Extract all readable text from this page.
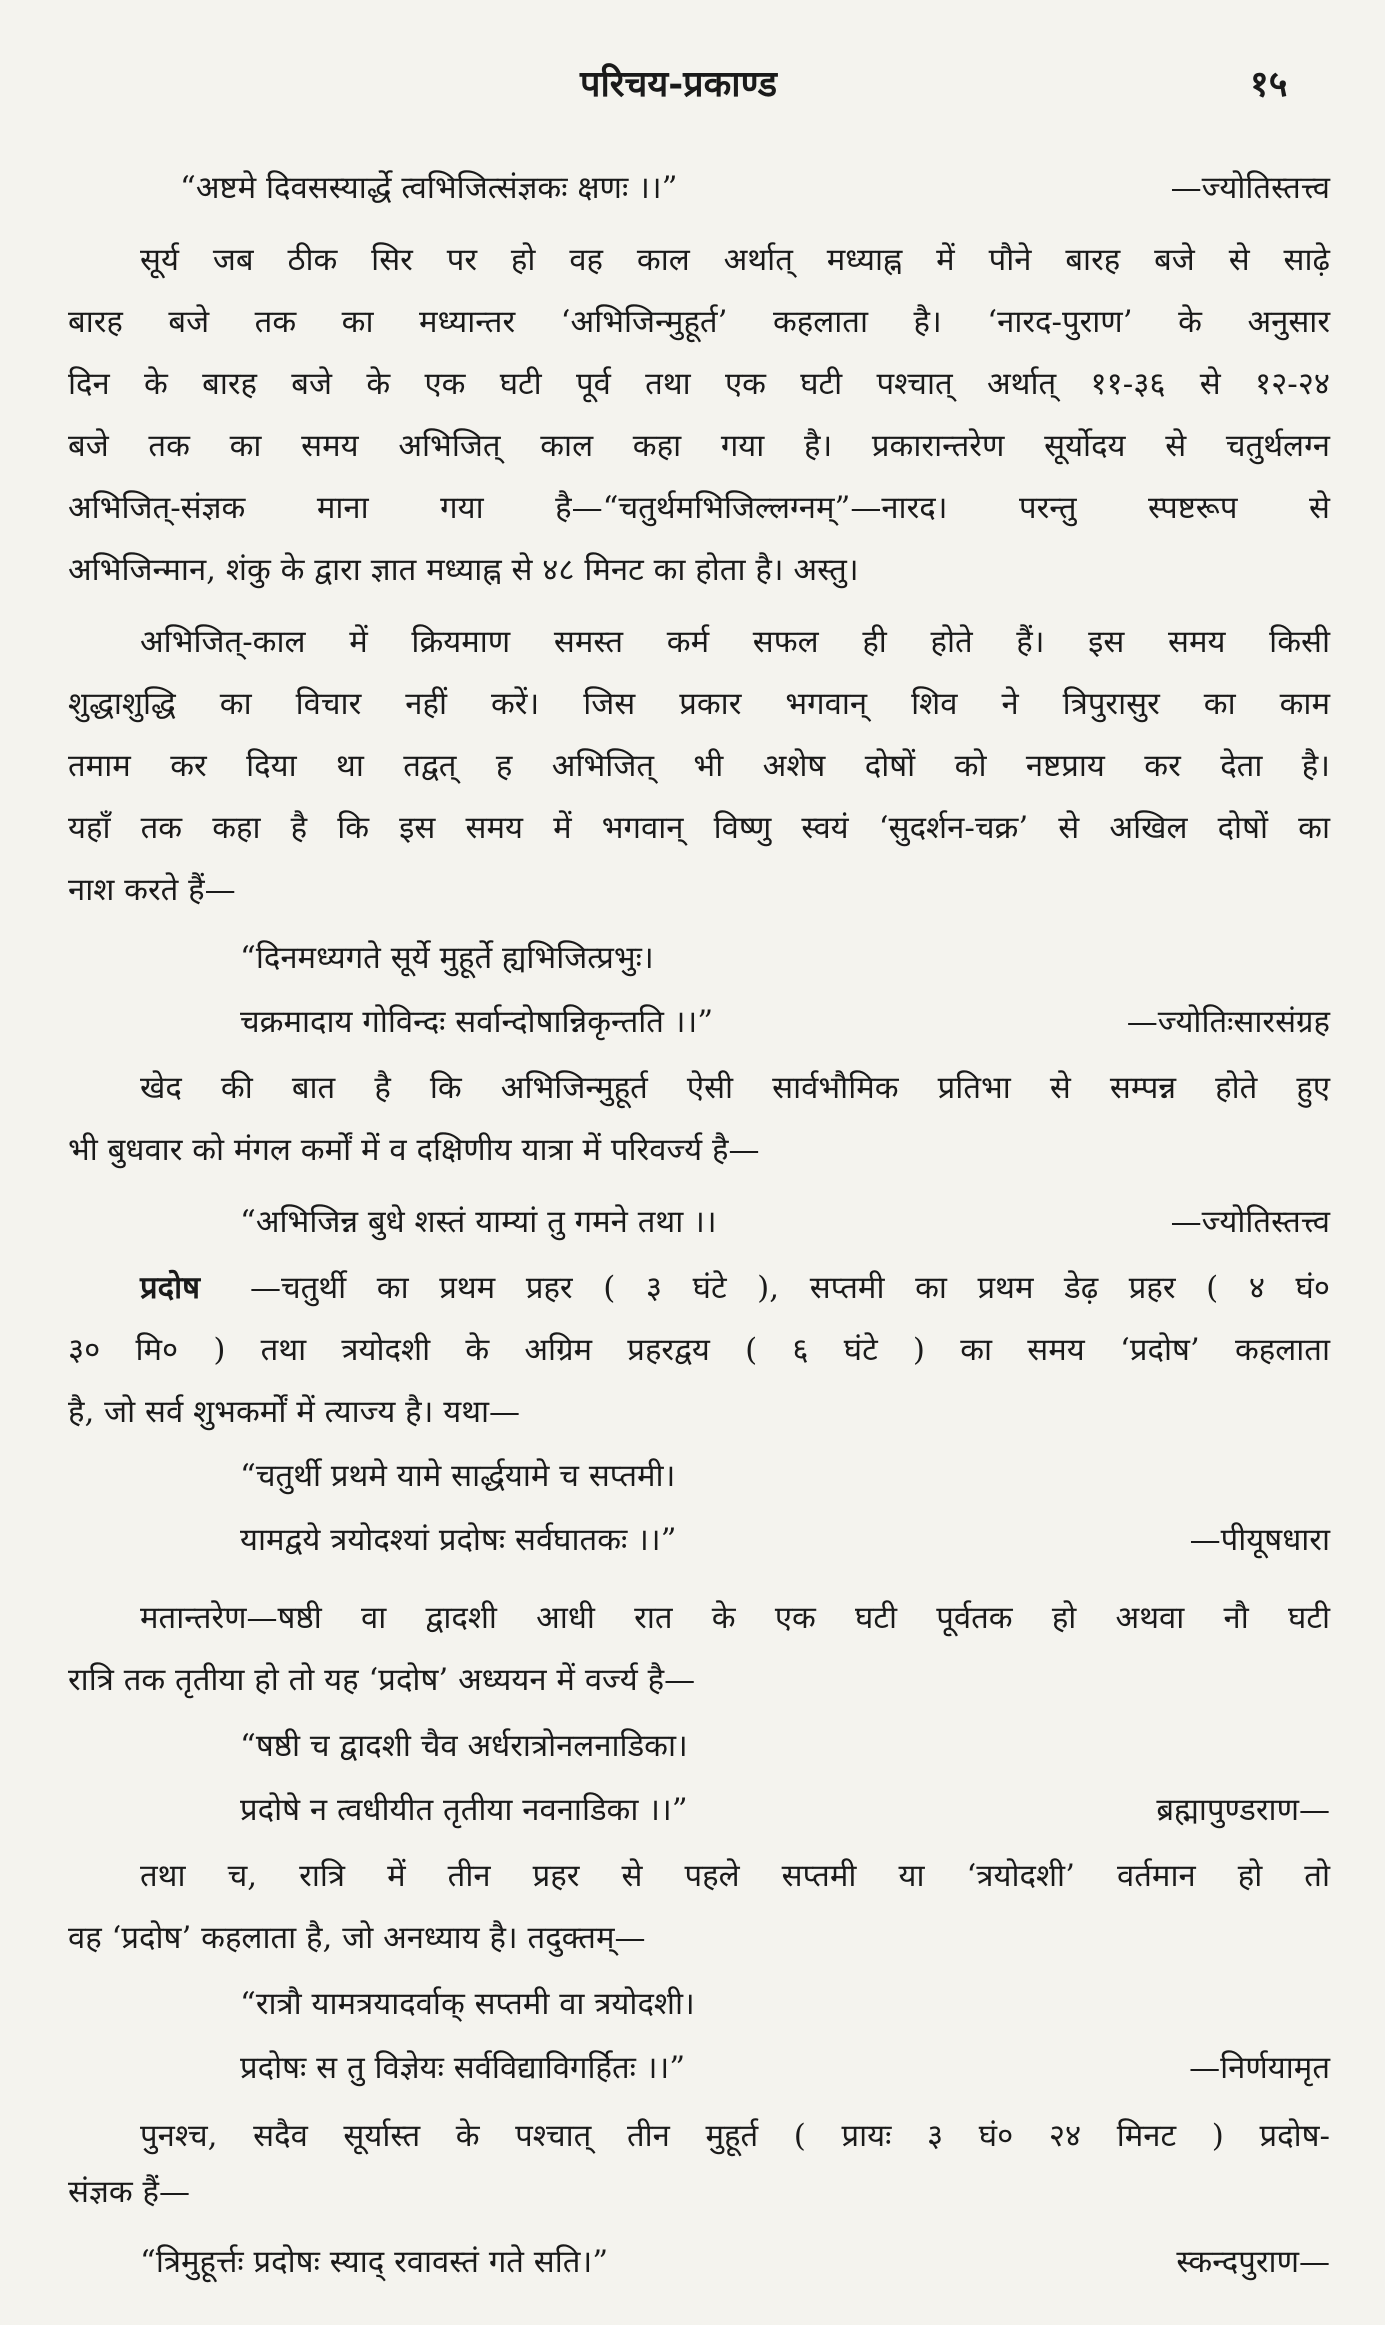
परिचय-प्रकाण्ड	१५
“अष्टमे दिवसस्यार्द्धे त्वभिजित्संज्ञकः क्षणः ।।”	—ज्योतिस्तत्त्व
सूर्य जब ठीक सिर पर हो वह काल अर्थात् मध्याह्न में पौने बारह बजे से साढ़े
बारह बजे तक का मध्यान्तर ‘अभिजिन्मुहूर्त’ कहलाता है। ‘नारद-पुराण’ के अनुसार
दिन के बारह बजे के एक घटी पूर्व तथा एक घटी पश्चात् अर्थात् ११-३६ से १२-२४
बजे तक का समय अभिजित् काल कहा गया है। प्रकारान्तरेण सूर्योदय से चतुर्थलग्न
अभिजित्-संज्ञक माना गया है—“चतुर्थमभिजिल्लग्नम्”—नारद। परन्तु स्पष्टरूप से
अभिजिन्मान, शंकु के द्वारा ज्ञात मध्याह्न से ४८ मिनट का होता है। अस्तु।
अभिजित्-काल में क्रियमाण समस्त कर्म सफल ही होते हैं। इस समय किसी
शुद्धाशुद्धि का विचार नहीं करें। जिस प्रकार भगवान् शिव ने त्रिपुरासुर का काम
तमाम कर दिया था तद्वत् ह अभिजित् भी अशेष दोषों को नष्टप्राय कर देता है।
यहाँ तक कहा है कि इस समय में भगवान् विष्णु स्वयं ‘सुदर्शन-चक्र’ से अखिल दोषों का
नाश करते हैं—
“दिनमध्यगते सूर्ये मुहूर्ते ह्यभिजित्प्रभुः।
चक्रमादाय गोविन्दः सर्वान्दोषान्निकृन्तति ।।”	—ज्योतिःसारसंग्रह
खेद की बात है कि अभिजिन्मुहूर्त ऐसी सार्वभौमिक प्रतिभा से सम्पन्न होते हुए
भी बुधवार को मंगल कर्मों में व दक्षिणीय यात्रा में परिवर्ज्य है—
“अभिजिन्न बुधे शस्तं याम्यां तु गमने तथा ।।	—ज्योतिस्तत्त्व
प्रदोष —चतुर्थी का प्रथम प्रहर ( ३ घंटे ), सप्तमी का प्रथम डेढ़ प्रहर ( ४ घं०
३० मि० ) तथा त्रयोदशी के अग्रिम प्रहरद्वय ( ६ घंटे ) का समय ‘प्रदोष’ कहलाता
है, जो सर्व शुभकर्मों में त्याज्य है। यथा—
“चतुर्थी प्रथमे यामे सार्द्धयामे च सप्तमी।
यामद्वये त्रयोदश्यां प्रदोषः सर्वघातकः ।।”	—पीयूषधारा
मतान्तरेण—षष्ठी वा द्वादशी आधी रात के एक घटी पूर्वतक हो अथवा नौ घटी
रात्रि तक तृतीया हो तो यह ‘प्रदोष’ अध्ययन में वर्ज्य है—
“षष्ठी च द्वादशी चैव अर्धरात्रोनलनाडिका।
प्रदोषे न त्वधीयीत तृतीया नवनाडिका ।।”	ब्रह्मापुण्डराण—
तथा च, रात्रि में तीन प्रहर से पहले सप्तमी या ‘त्रयोदशी’ वर्तमान हो तो
वह ‘प्रदोष’ कहलाता है, जो अनध्याय है। तदुक्तम्—
“रात्रौ यामत्रयादर्वाक् सप्तमी वा त्रयोदशी।
प्रदोषः स तु विज्ञेयः सर्वविद्याविगर्हितः ।।”	—निर्णयामृत
पुनश्च, सदैव सूर्यास्त के पश्चात् तीन मुहूर्त ( प्रायः ३ घं० २४ मिनट ) प्रदोष-
संज्ञक हैं—
“त्रिमुहूर्त्तः प्रदोषः स्याद् रवावस्तं गते सति।”	स्कन्दपुराण—
